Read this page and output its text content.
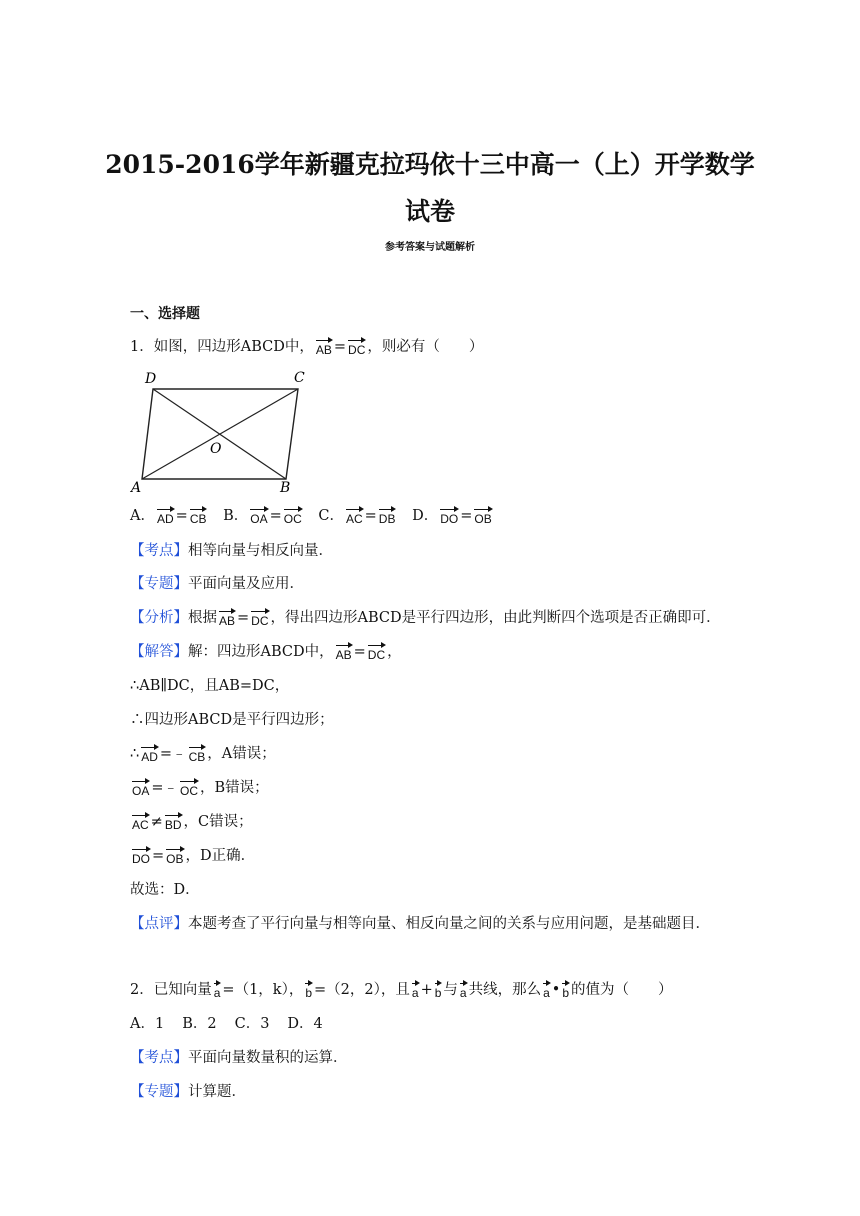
2015-2016学年新疆克拉玛依十三中高一（上）开学数学
试卷
参考答案与试题解析
一、选择题
1．如图，四边形ABCD中， AB = DC ，则必有（　　）
D	C
O
A	B
A． AD = CB B． OA = OC C． AC = DB D． DO = OB
【考点】相等向量与相反向量．
【专题】平面向量及应用．
【分析】根据 AB = DC ，得出四边形ABCD是平行四边形，由此判断四个选项是否正确即可．
【解答】解：四边形ABCD中， AB = DC ，
∴AB∥DC，且AB=DC，
∴四边形ABCD是平行四边形；
∴ AD =﹣ CB ，A错误；
OA =﹣ OC ，B错误；
AC ≠ BD ，C错误；
DO = OB ，D正确．
故选：D．
【点评】本题考查了平行向量与相等向量、相反向量之间的关系与应用问题，是基础题目．
2．已知向量 a =（1，k）， b =（2，2），且 a + b 与 a 共线，那么 a • b 的值为（　　）
A．1 B．2 C．3 D．4
【考点】平面向量数量积的运算．
【专题】计算题．
